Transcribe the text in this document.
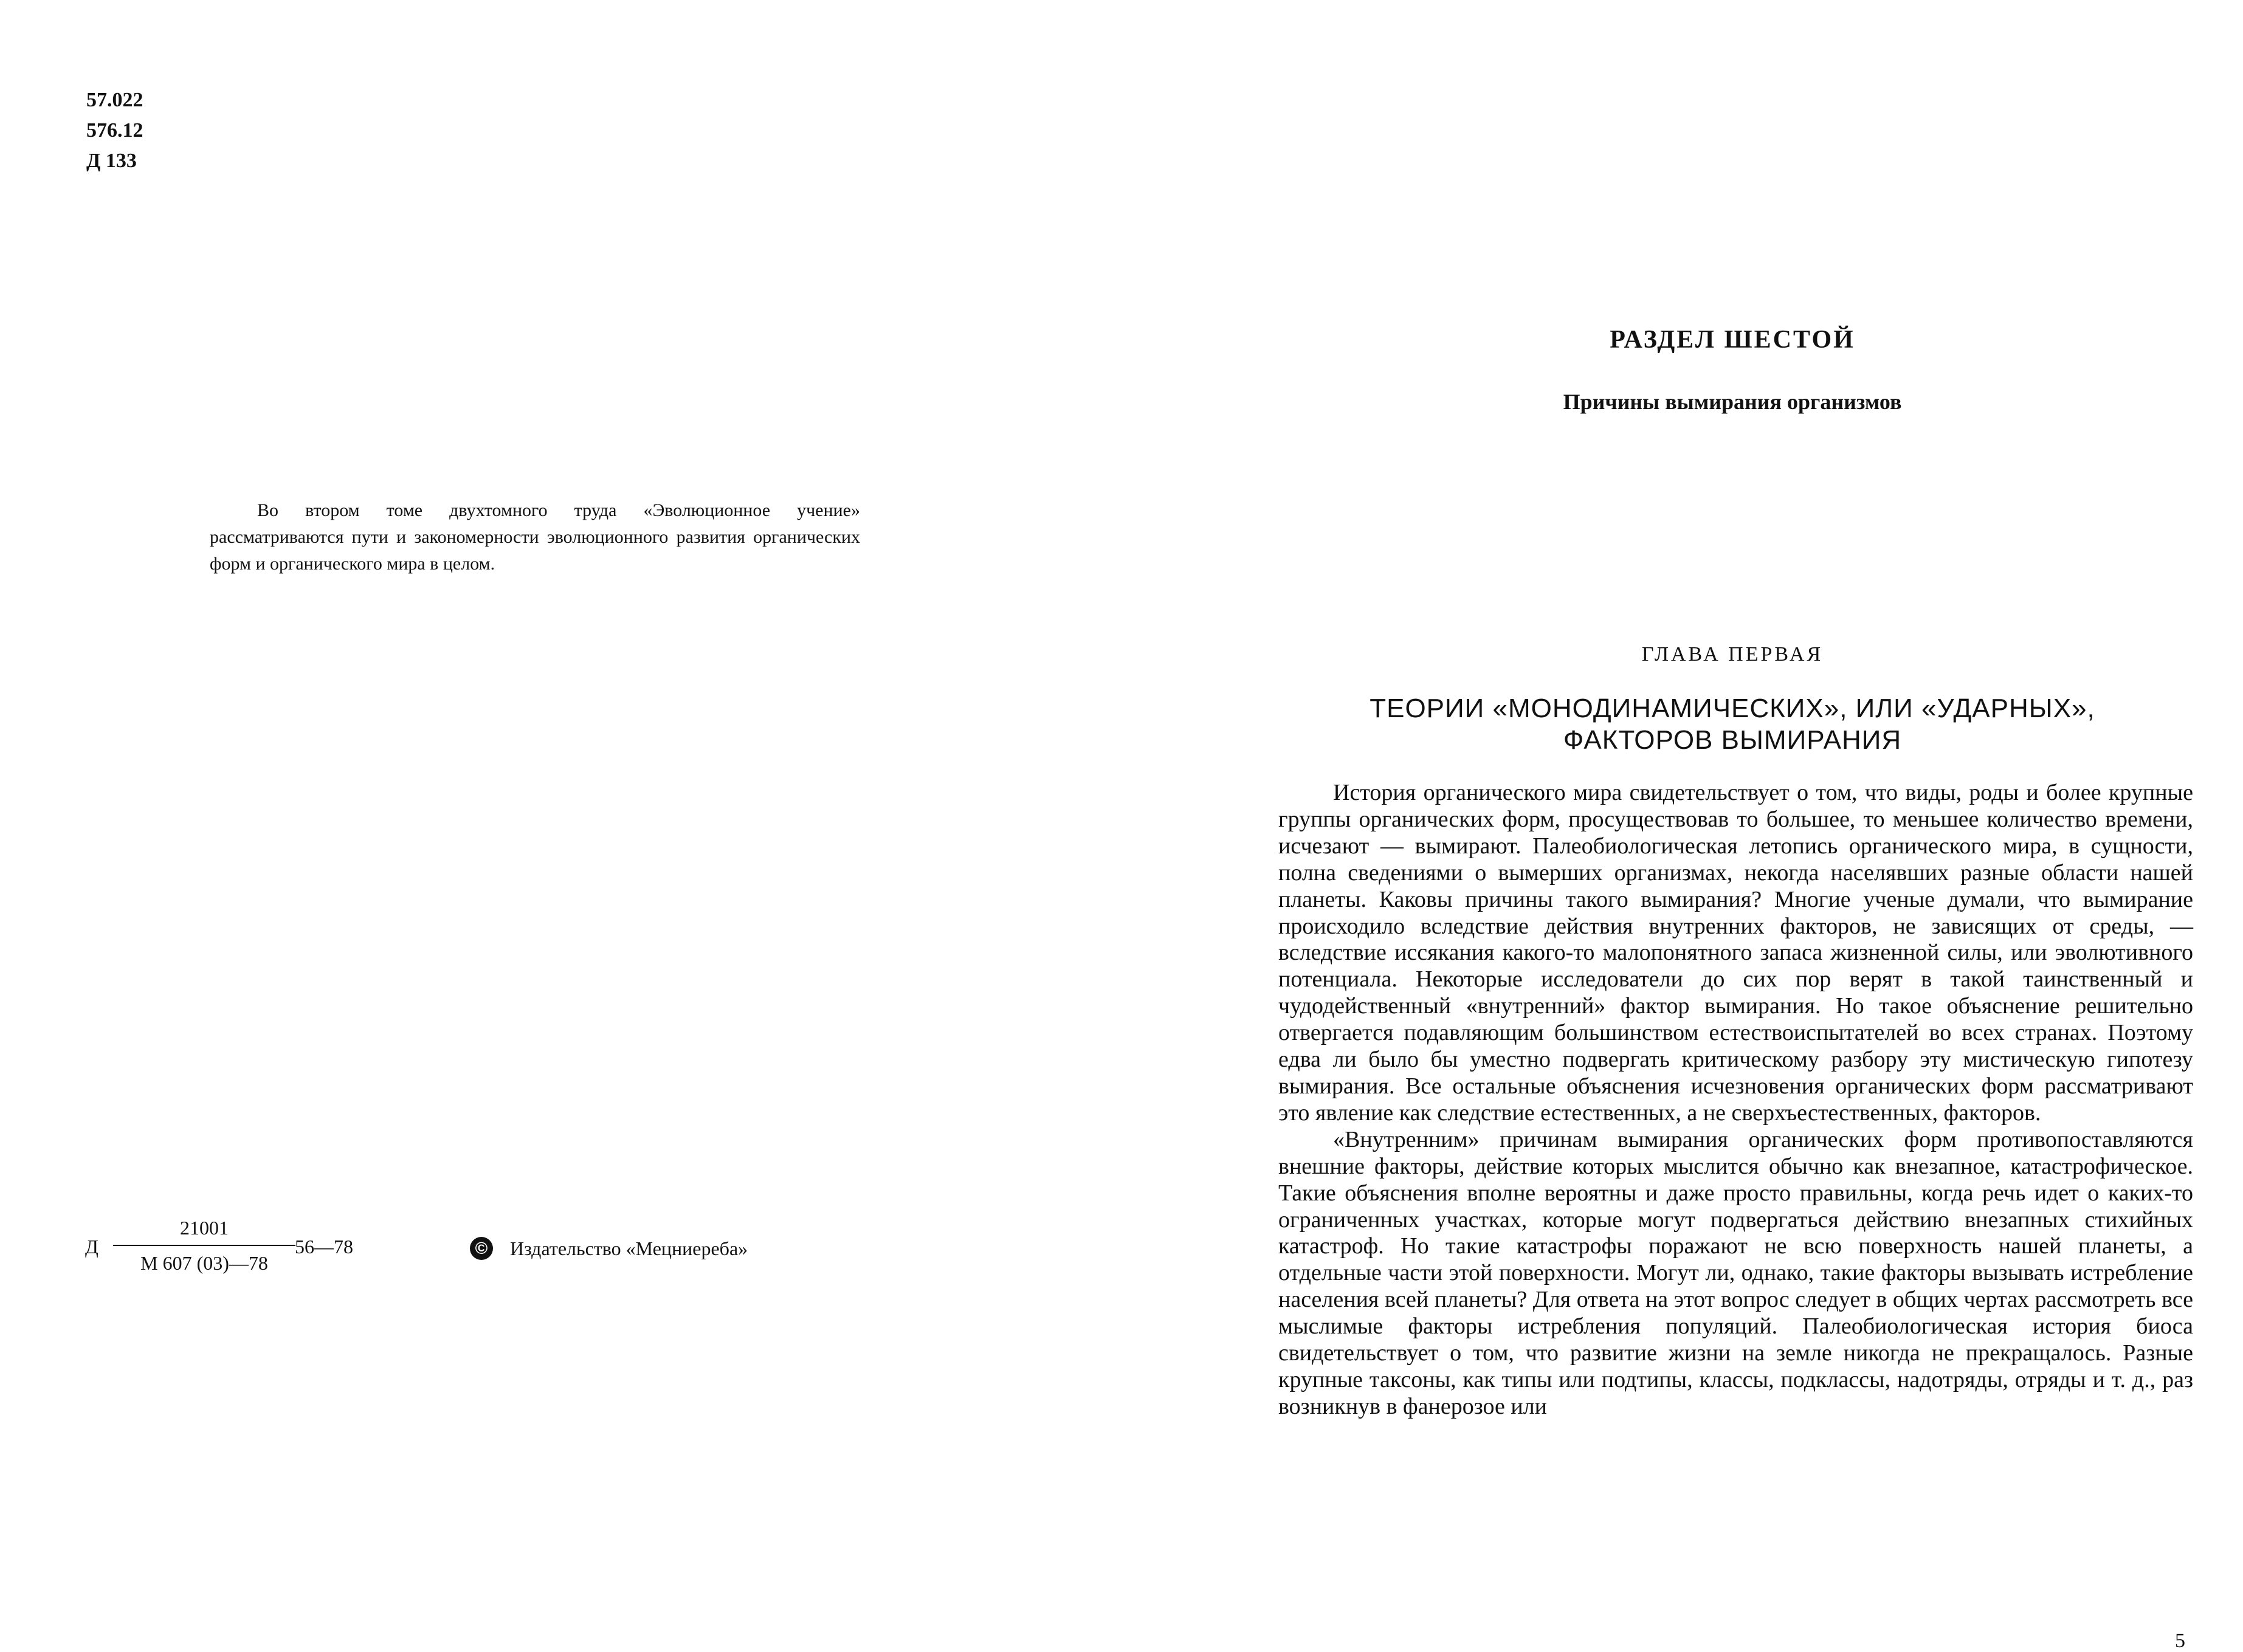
57.022
576.12
Д 133
Во втором томе двухтомного труда «Эволюционное учение» рассматриваются пути и закономерности эволюционного развития органических форм и органического мира в целом.
Д
21001
М 607 (03)—78
56—78	© Издательство «Мецниереба»
РАЗДЕЛ ШЕСТОЙ
Причины вымирания организмов
ГЛАВА ПЕРВАЯ
ТЕОРИИ «МОНОДИНАМИЧЕСКИХ», ИЛИ «УДАРНЫХ»,
ФАКТОРОВ ВЫМИРАНИЯ

История органического мира свидетельствует о том, что виды, роды и более крупные группы органических форм, просуществовав то большее, то меньшее количество времени, исчезают — вымирают. Палеобиологическая летопись органического мира, в сущности, полна сведениями о вымерших организмах, некогда населявших разные области нашей планеты. Каковы причины такого вымирания? Многие ученые думали, что вымирание происходило вследствие действия внутренних факторов, не зависящих от среды, — вследствие иссякания какого-то малопонятного запаса жизненной силы, или эволютивного потенциала. Некоторые исследователи до сих пор верят в такой таинственный и чудодейственный «внутренний» фактор вымирания. Но такое объяснение решительно отвергается подавляющим большинством естествоиспытателей во всех странах. Поэтому едва ли было бы уместно подвергать критическому разбору эту мистическую гипотезу вымирания. Все остальные объяснения исчезновения органических форм рассматривают это явление как следствие естественных, а не сверхъестественных, факторов.

«Внутренним» причинам вымирания органических форм противопоставляются внешние факторы, действие которых мыслится обычно как внезапное, катастрофическое. Такие объяснения вполне вероятны и даже просто правильны, когда речь идет о каких-то ограниченных участках, которые могут подвергаться действию внезапных стихийных катастроф. Но такие катастрофы поражают не всю поверхность нашей планеты, а отдельные части этой поверхности. Могут ли, однако, такие факторы вызывать истребление населения всей планеты? Для ответа на этот вопрос следует в общих чертах рассмотреть все мыслимые факторы истребления популяций. Палеобиологическая история биоса свидетельствует о том, что развитие жизни на земле никогда не прекращалось. Разные крупные таксоны, как типы или подтипы, классы, подклассы, надотряды, отряды и т. д., раз возникнув в фанерозое или

5
